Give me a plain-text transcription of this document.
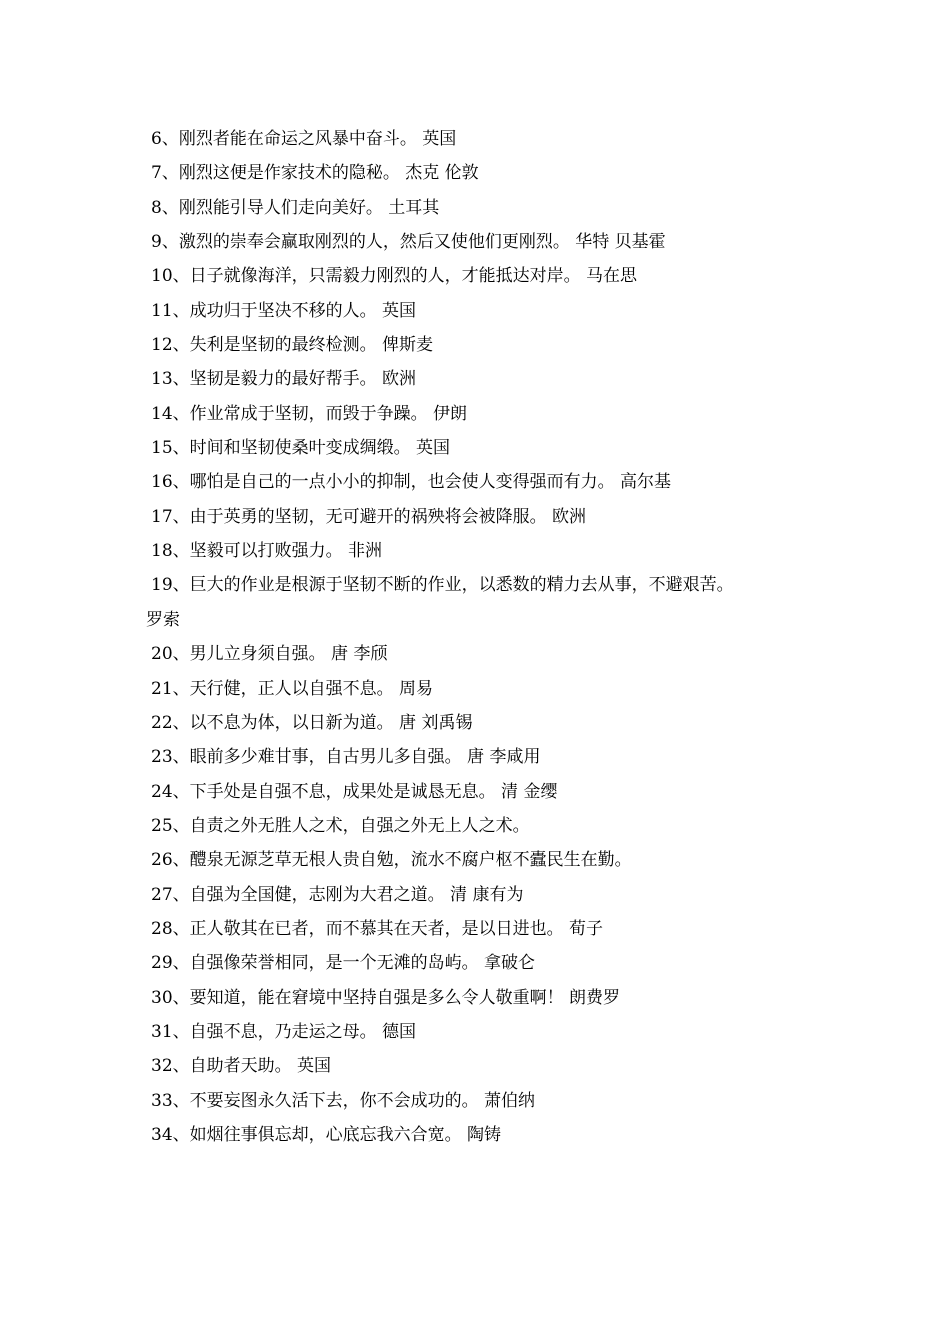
6、刚烈者能在命运之风暴中奋斗。 英国
7、刚烈这便是作家技术的隐秘。 杰克 伦敦
8、刚烈能引导人们走向美好。 土耳其
9、激烈的崇奉会赢取刚烈的人，然后又使他们更刚烈。 华特 贝基霍
10、日子就像海洋，只需毅力刚烈的人，才能抵达对岸。 马在思
11、成功归于坚决不移的人。 英国
12、失利是坚韧的最终检测。 俾斯麦
13、坚韧是毅力的最好帮手。 欧洲
14、作业常成于坚韧，而毁于争躁。 伊朗
15、时间和坚韧使桑叶变成绸缎。 英国
16、哪怕是自己的一点小小的抑制，也会使人变得强而有力。 高尔基
17、由于英勇的坚韧，无可避开的祸殃将会被降服。 欧洲
18、坚毅可以打败强力。 非洲
19、巨大的作业是根源于坚韧不断的作业，以悉数的精力去从事，不避艰苦。
罗索
20、男儿立身须自强。 唐 李颀
21、天行健，正人以自强不息。 周易
22、以不息为体，以日新为道。 唐 刘禹锡
23、眼前多少难甘事，自古男儿多自强。 唐 李咸用
24、下手处是自强不息，成果处是诚恳无息。 清 金缨
25、自责之外无胜人之术，自强之外无上人之术。
26、醴泉无源芝草无根人贵自勉，流水不腐户枢不蠹民生在勤。
27、自强为全国健，志刚为大君之道。 清 康有为
28、正人敬其在已者，而不慕其在天者，是以日进也。 荀子
29、自强像荣誉相同，是一个无滩的岛屿。 拿破仑
30、要知道，能在窘境中坚持自强是多么令人敬重啊！ 朗费罗
31、自强不息，乃走运之母。 德国
32、自助者天助。 英国
33、不要妄图永久活下去，你不会成功的。 萧伯纳
34、如烟往事俱忘却，心底忘我六合宽。 陶铸
